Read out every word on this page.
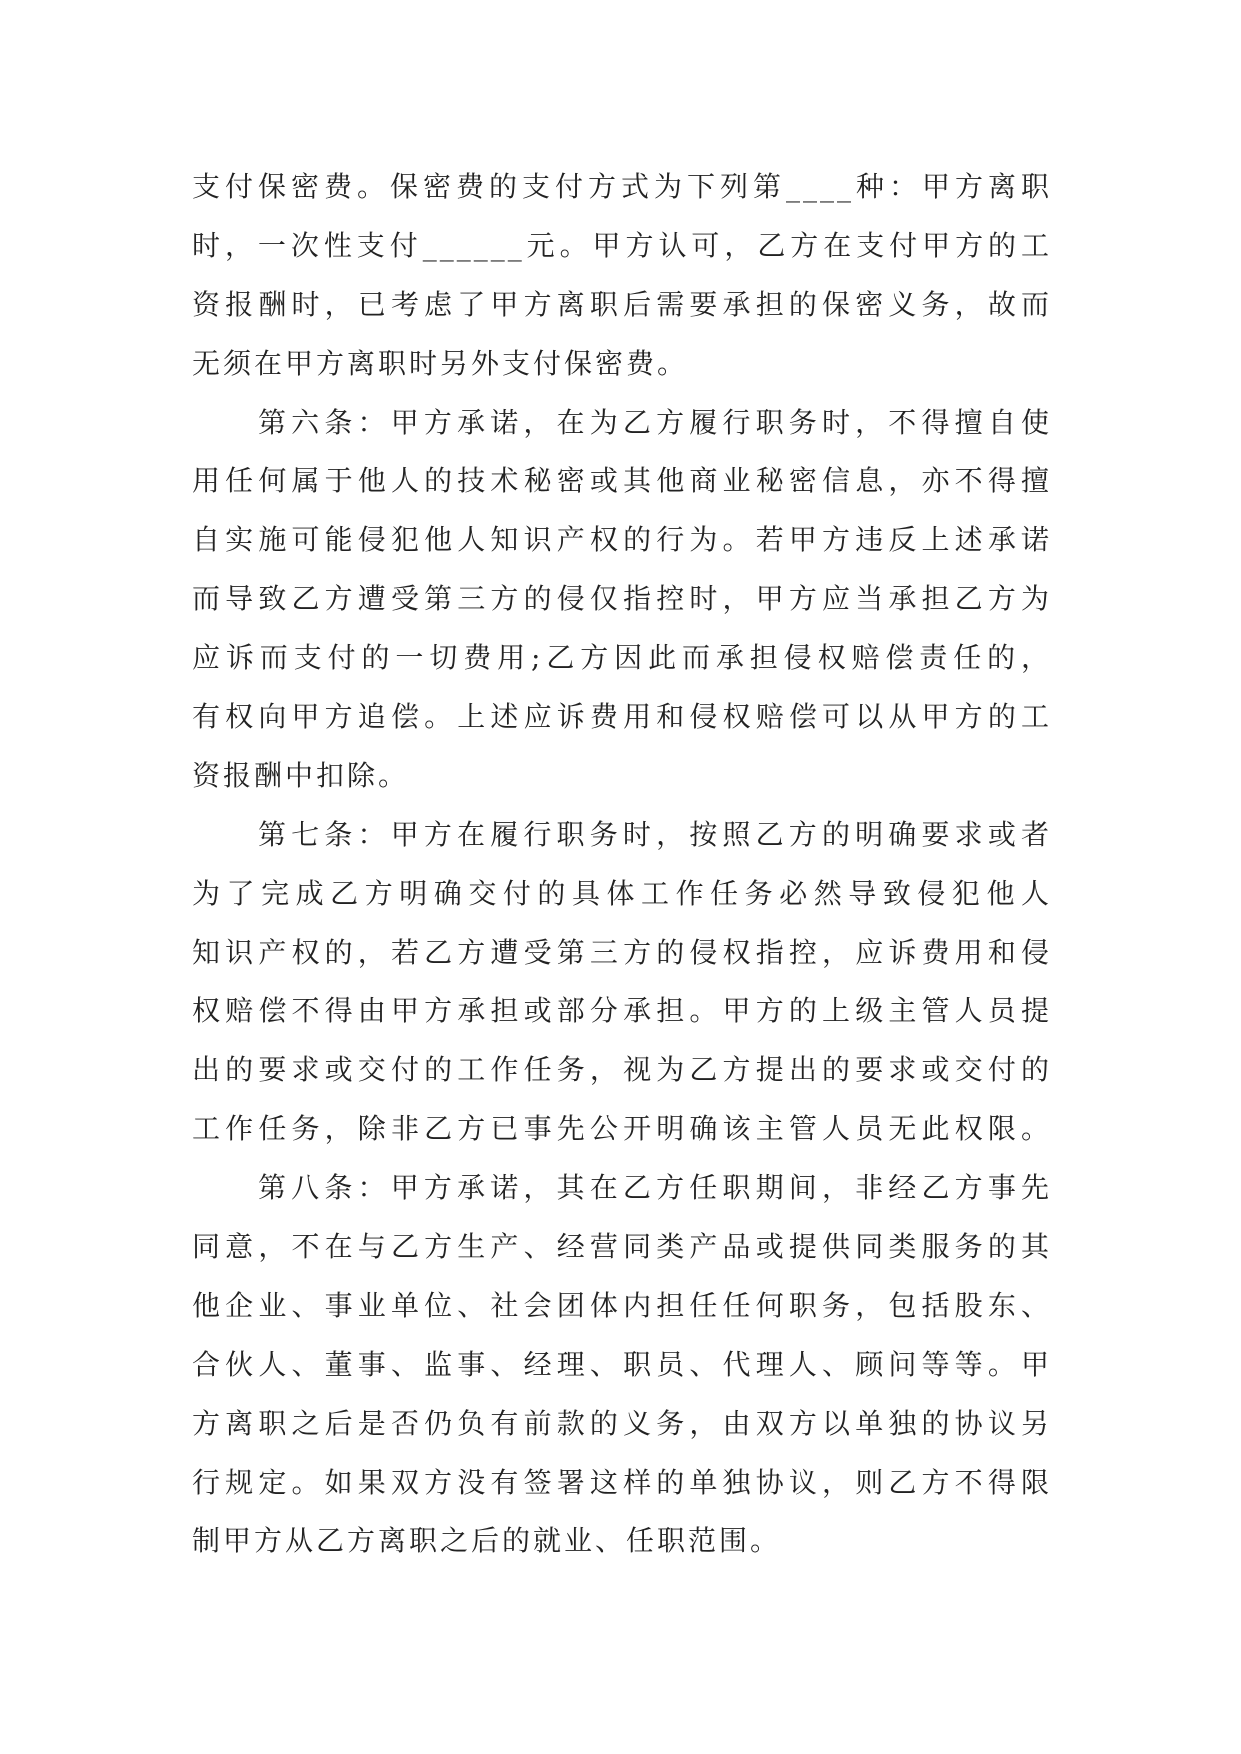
支付保密费。保密费的支付方式为下列第____种：甲方离职
时，一次性支付______元。甲方认可，乙方在支付甲方的工
资报酬时，已考虑了甲方离职后需要承担的保密义务，故而
无须在甲方离职时另外支付保密费。
第六条：甲方承诺，在为乙方履行职务时，不得擅自使
用任何属于他人的技术秘密或其他商业秘密信息，亦不得擅
自实施可能侵犯他人知识产权的行为。若甲方违反上述承诺
而导致乙方遭受第三方的侵仅指控时，甲方应当承担乙方为
应诉而支付的一切费用;乙方因此而承担侵权赔偿责任的，
有权向甲方追偿。上述应诉费用和侵权赔偿可以从甲方的工
资报酬中扣除。
第七条：甲方在履行职务时，按照乙方的明确要求或者
为了完成乙方明确交付的具体工作任务必然导致侵犯他人
知识产权的，若乙方遭受第三方的侵权指控，应诉费用和侵
权赔偿不得由甲方承担或部分承担。甲方的上级主管人员提
出的要求或交付的工作任务，视为乙方提出的要求或交付的
工作任务，除非乙方已事先公开明确该主管人员无此权限。
第八条：甲方承诺，其在乙方任职期间，非经乙方事先
同意，不在与乙方生产、经营同类产品或提供同类服务的其
他企业、事业单位、社会团体内担任任何职务，包括股东、
合伙人、董事、监事、经理、职员、代理人、顾问等等。甲
方离职之后是否仍负有前款的义务，由双方以单独的协议另
行规定。如果双方没有签署这样的单独协议，则乙方不得限
制甲方从乙方离职之后的就业、任职范围。
